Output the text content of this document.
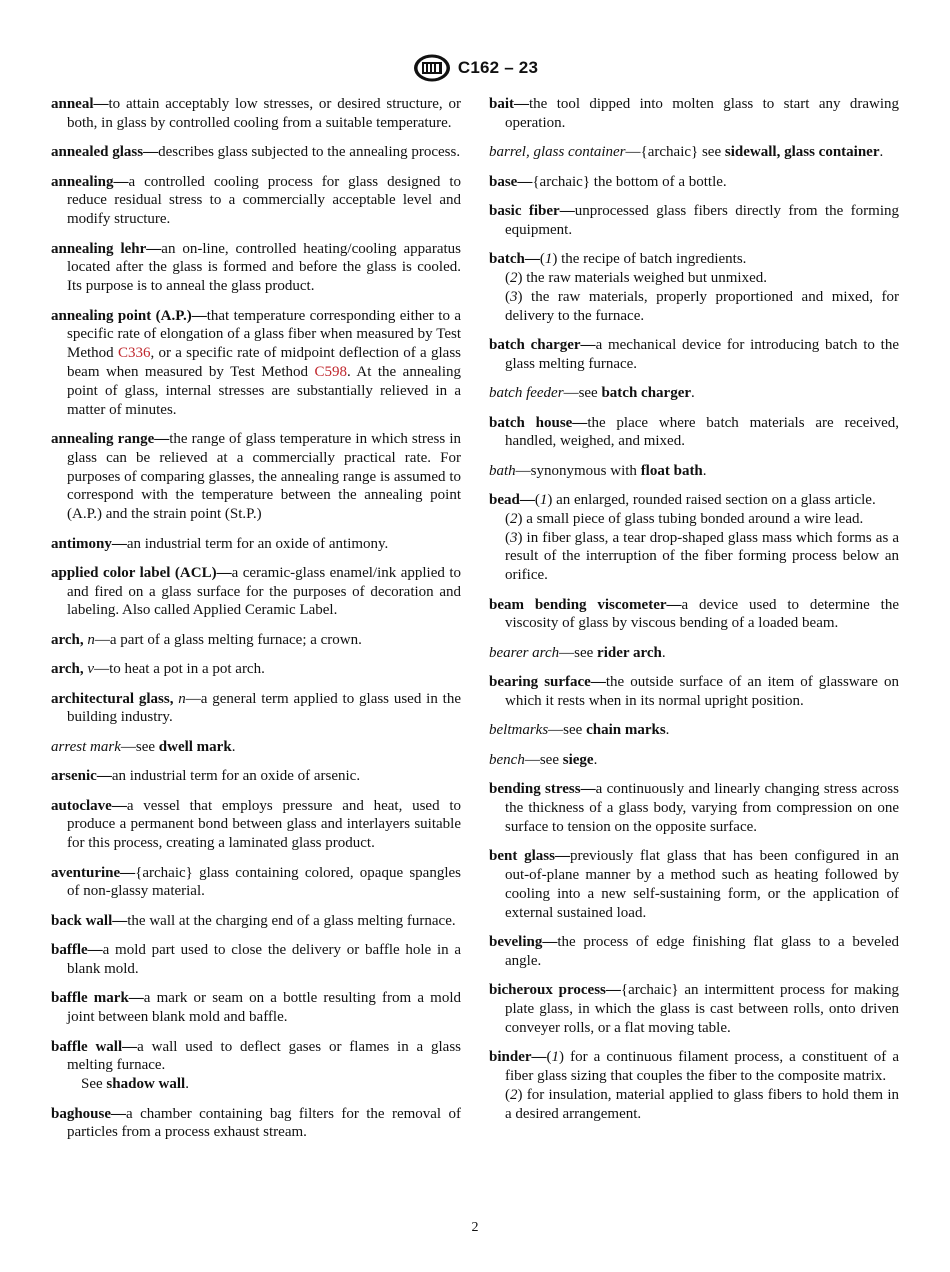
C162 – 23
anneal—to attain acceptably low stresses, or desired structure, or both, in glass by controlled cooling from a suitable temperature.
annealed glass—describes glass subjected to the annealing process.
annealing—a controlled cooling process for glass designed to reduce residual stress to a commercially acceptable level and modify structure.
annealing lehr—an on-line, controlled heating/cooling apparatus located after the glass is formed and before the glass is cooled. Its purpose is to anneal the glass product.
annealing point (A.P.)—that temperature corresponding either to a specific rate of elongation of a glass fiber when measured by Test Method C336, or a specific rate of midpoint deflection of a glass beam when measured by Test Method C598. At the annealing point of glass, internal stresses are substantially relieved in a matter of minutes.
annealing range—the range of glass temperature in which stress in glass can be relieved at a commercially practical rate. For purposes of comparing glasses, the annealing range is assumed to correspond with the temperature between the annealing point (A.P.) and the strain point (St.P.)
antimony—an industrial term for an oxide of antimony.
applied color label (ACL)—a ceramic-glass enamel/ink applied to and fired on a glass surface for the purposes of decoration and labeling. Also called Applied Ceramic Label.
arch, n—a part of a glass melting furnace; a crown.
arch, v—to heat a pot in a pot arch.
architectural glass, n—a general term applied to glass used in the building industry.
arrest mark—see dwell mark.
arsenic—an industrial term for an oxide of arsenic.
autoclave—a vessel that employs pressure and heat, used to produce a permanent bond between glass and interlayers suitable for this process, creating a laminated glass product.
aventurine—{archaic} glass containing colored, opaque spangles of non-glassy material.
back wall—the wall at the charging end of a glass melting furnace.
baffle—a mold part used to close the delivery or baffle hole in a blank mold.
baffle mark—a mark or seam on a bottle resulting from a mold joint between blank mold and baffle.
baffle wall—a wall used to deflect gases or flames in a glass melting furnace.
See shadow wall.
baghouse—a chamber containing bag filters for the removal of particles from a process exhaust stream.
bait—the tool dipped into molten glass to start any drawing operation.
barrel, glass container—{archaic} see sidewall, glass container.
base—{archaic} the bottom of a bottle.
basic fiber—unprocessed glass fibers directly from the forming equipment.
batch—(1) the recipe of batch ingredients.
(2) the raw materials weighed but unmixed.
(3) the raw materials, properly proportioned and mixed, for delivery to the furnace.
batch charger—a mechanical device for introducing batch to the glass melting furnace.
batch feeder—see batch charger.
batch house—the place where batch materials are received, handled, weighed, and mixed.
bath—synonymous with float bath.
bead—(1) an enlarged, rounded raised section on a glass article.
(2) a small piece of glass tubing bonded around a wire lead.
(3) in fiber glass, a tear drop-shaped glass mass which forms as a result of the interruption of the fiber forming process below an orifice.
beam bending viscometer—a device used to determine the viscosity of glass by viscous bending of a loaded beam.
bearer arch—see rider arch.
bearing surface—the outside surface of an item of glassware on which it rests when in its normal upright position.
beltmarks—see chain marks.
bench—see siege.
bending stress—a continuously and linearly changing stress across the thickness of a glass body, varying from compression on one surface to tension on the opposite surface.
bent glass—previously flat glass that has been configured in an out-of-plane manner by a method such as heating followed by cooling into a new self-sustaining form, or the application of external sustained load.
beveling—the process of edge finishing flat glass to a beveled angle.
bicheroux process—{archaic} an intermittent process for making plate glass, in which the glass is cast between rolls, onto driven conveyer rolls, or a flat moving table.
binder—(1) for a continuous filament process, a constituent of a fiber glass sizing that couples the fiber to the composite matrix.
(2) for insulation, material applied to glass fibers to hold them in a desired arrangement.
2
